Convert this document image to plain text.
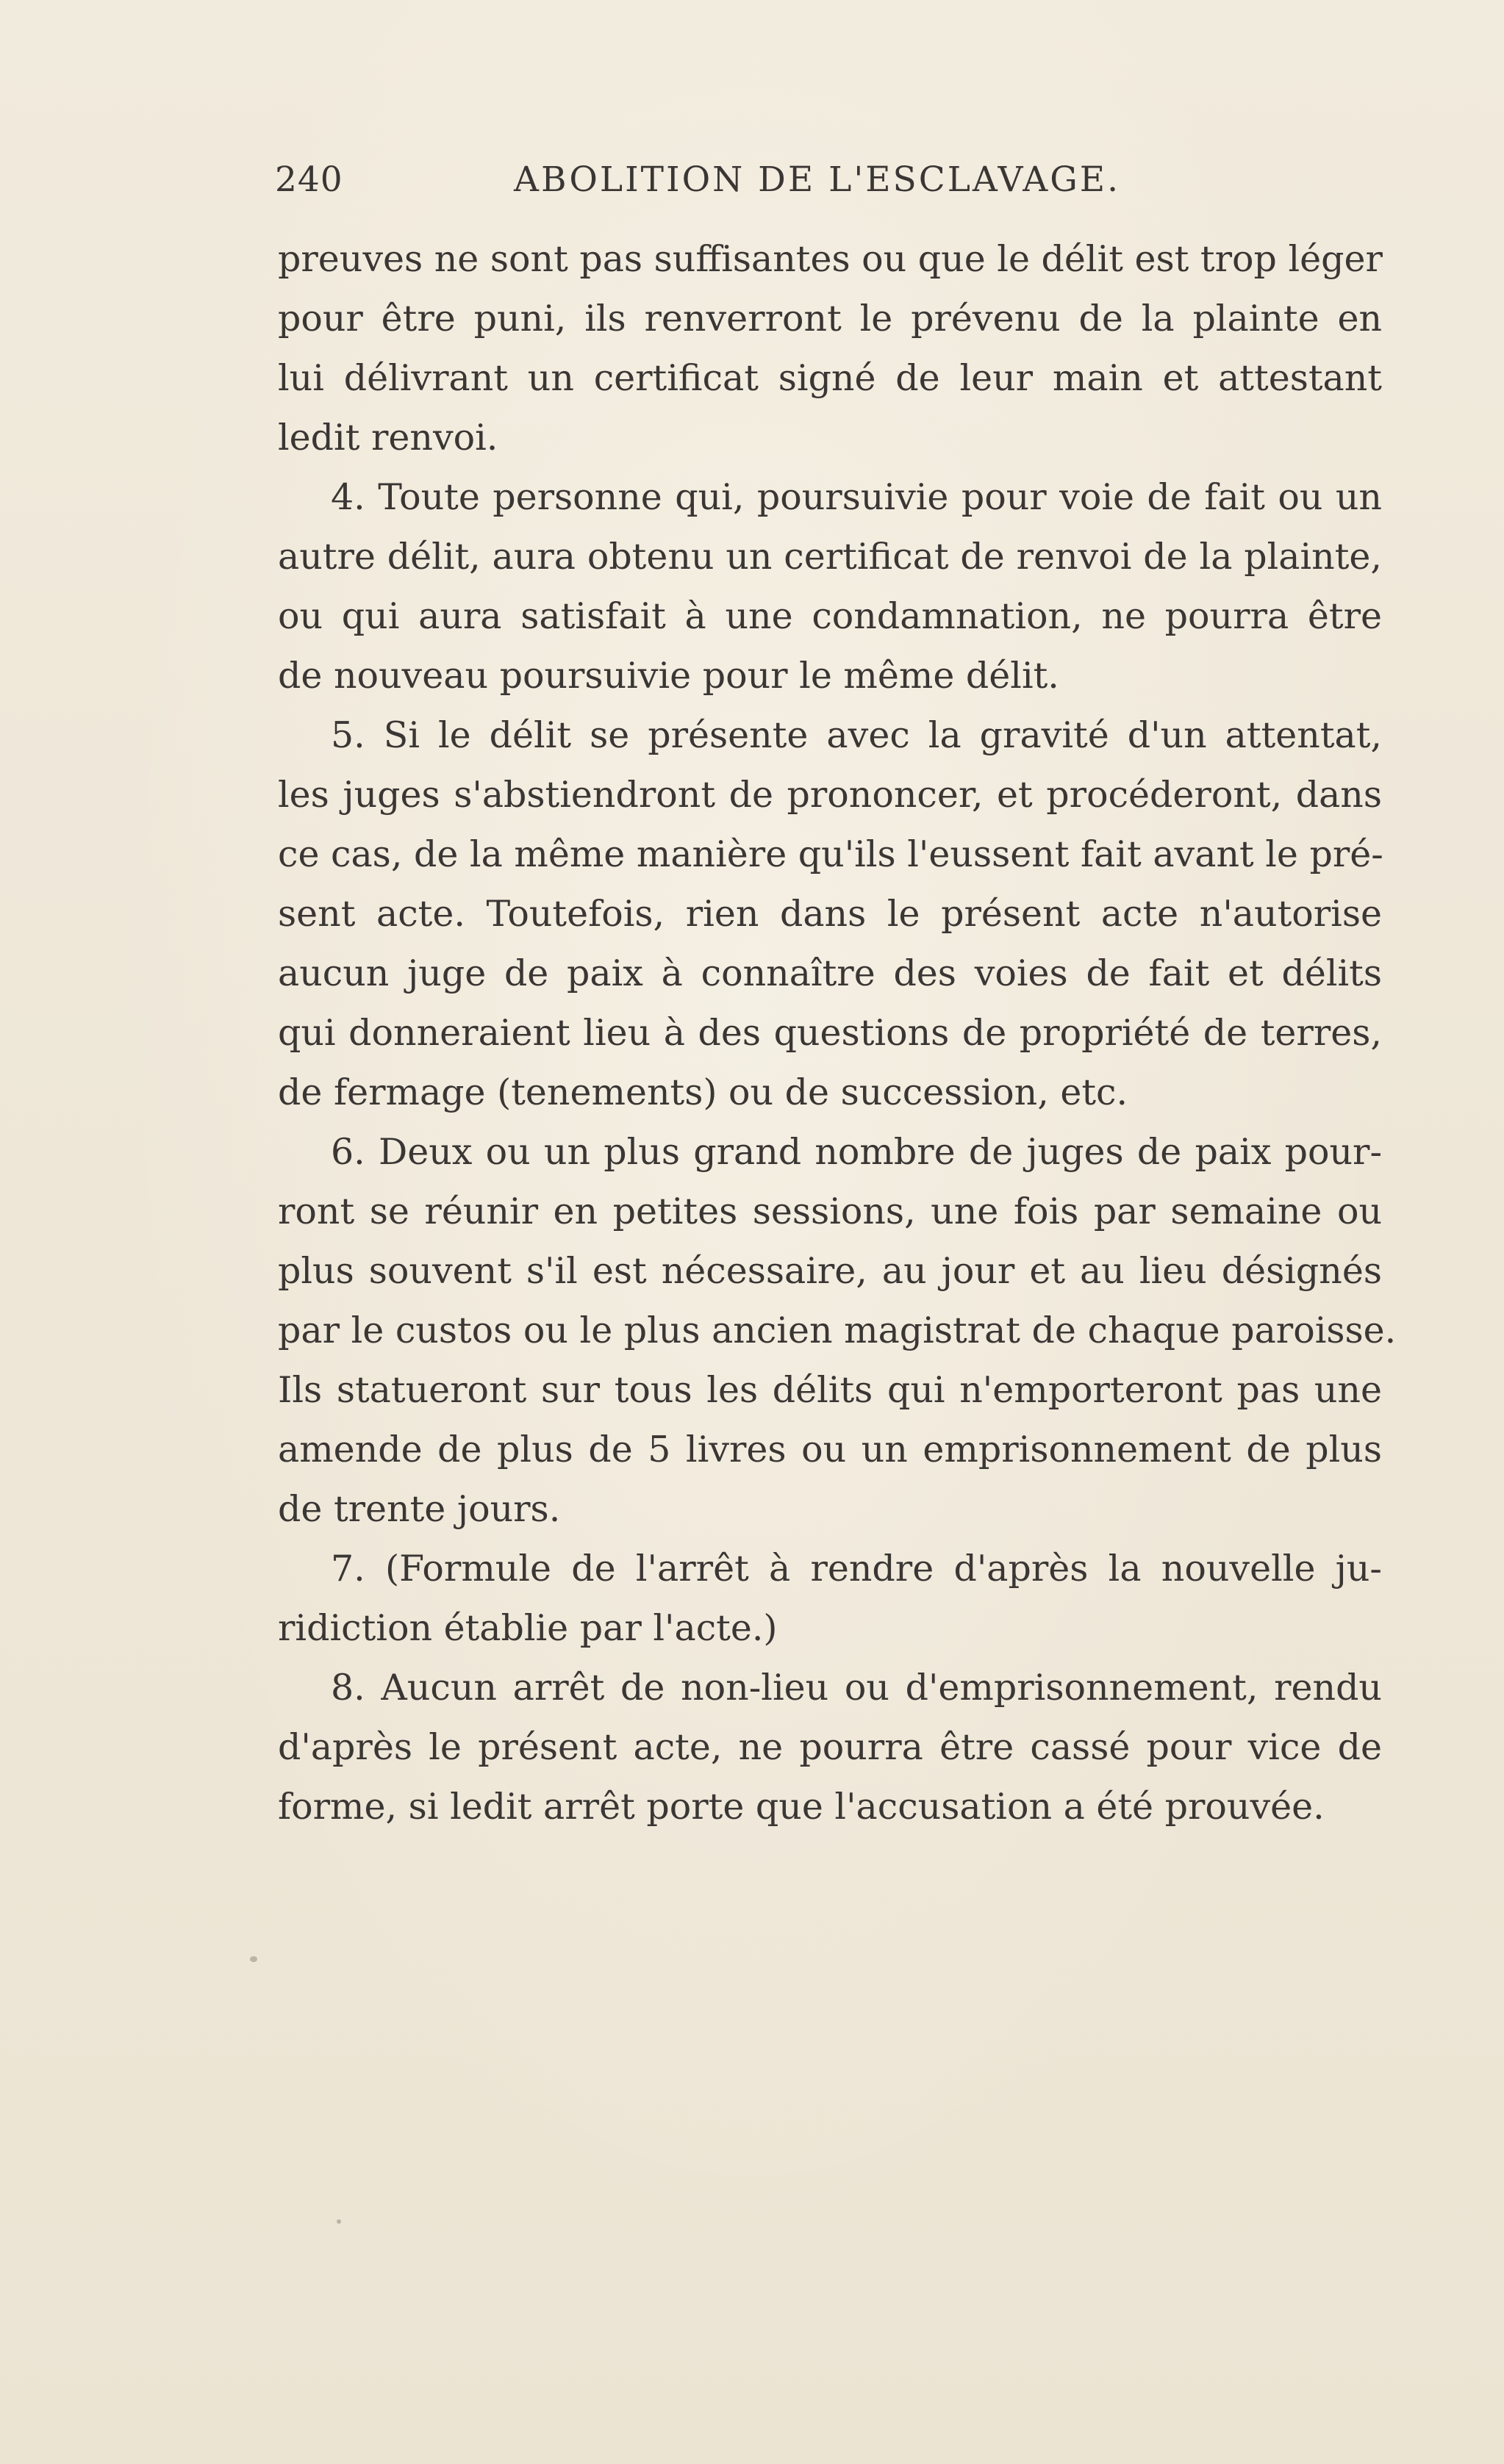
240	ABOLITION DE L'ESCLAVAGE.
preuves ne sont pas suffisantes ou que le délit est trop léger
pour être puni, ils renverront le prévenu de la plainte en
lui délivrant un certificat signé de leur main et attestant
ledit renvoi.
4. Toute personne qui, poursuivie pour voie de fait ou un
autre délit, aura obtenu un certificat de renvoi de la plainte,
ou qui aura satisfait à une condamnation, ne pourra être
de nouveau poursuivie pour le même délit.
5. Si le délit se présente avec la gravité d'un attentat,
les juges s'abstiendront de prononcer, et procéderont, dans
ce cas, de la même manière qu'ils l'eussent fait avant le pré-
sent acte. Toutefois, rien dans le présent acte n'autorise
aucun juge de paix à connaître des voies de fait et délits
qui donneraient lieu à des questions de propriété de terres,
de fermage (tenements) ou de succession, etc.
6. Deux ou un plus grand nombre de juges de paix pour-
ront se réunir en petites sessions, une fois par semaine ou
plus souvent s'il est nécessaire, au jour et au lieu désignés
par le custos ou le plus ancien magistrat de chaque paroisse.
Ils statueront sur tous les délits qui n'emporteront pas une
amende de plus de 5 livres ou un emprisonnement de plus
de trente jours.
7. (Formule de l'arrêt à rendre d'après la nouvelle ju-
ridiction établie par l'acte.)
8. Aucun arrêt de non-lieu ou d'emprisonnement, rendu
d'après le présent acte, ne pourra être cassé pour vice de
forme, si ledit arrêt porte que l'accusation a été prouvée.
